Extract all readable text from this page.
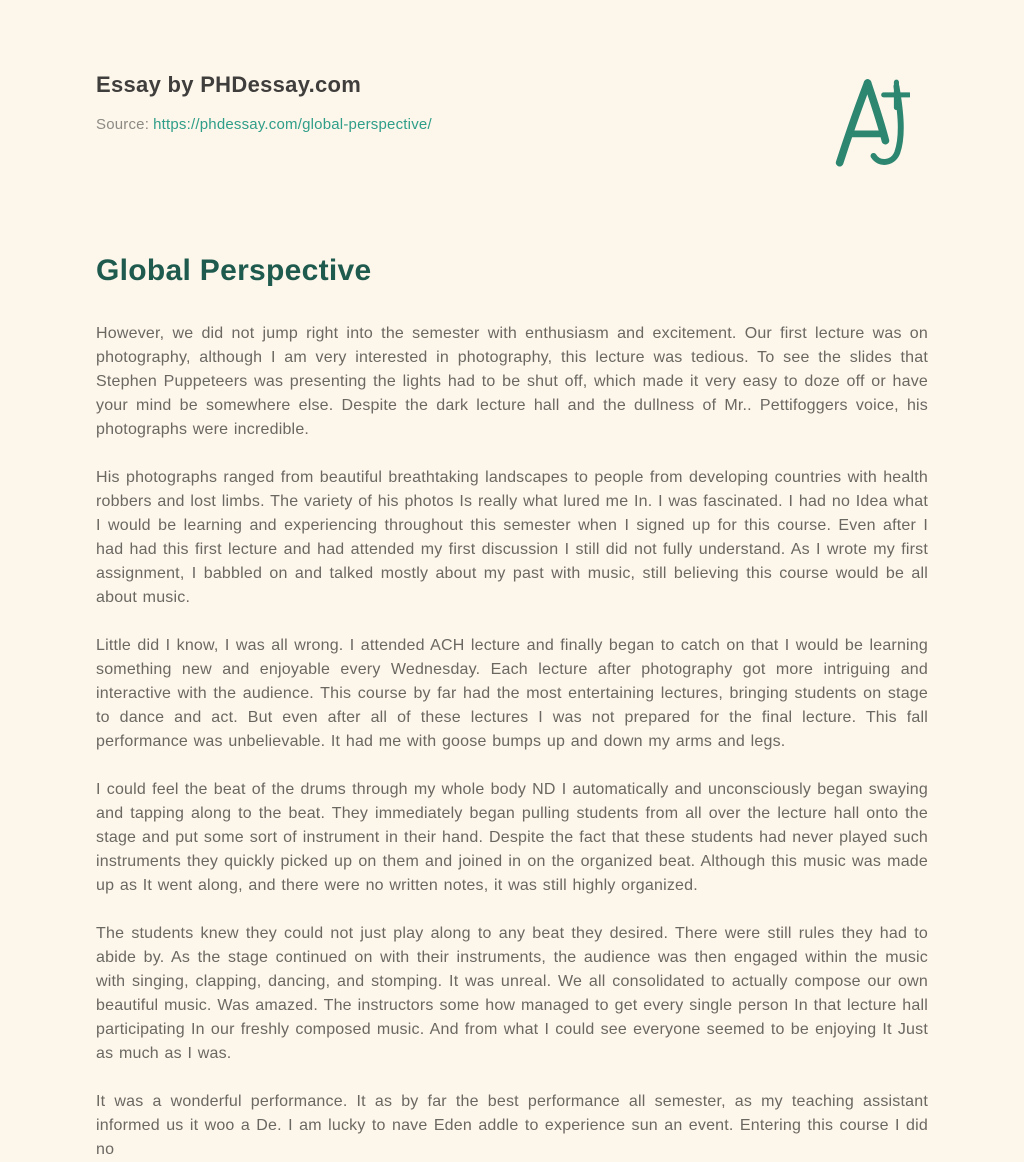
Essay by PHDessay.com
Source: https://phdessay.com/global-perspective/
Global Perspective

However, we did not jump right into the semester with enthusiasm and excitement. Our first lecture was on photography, although I am very interested in photography, this lecture was tedious. To see the slides that Stephen Puppeteers was presenting the lights had to be shut off, which made it very easy to doze off or have your mind be somewhere else. Despite the dark lecture hall and the dullness of Mr.. Pettifoggers voice, his photographs were incredible.

His photographs ranged from beautiful breathtaking landscapes to people from developing countries with health robbers and lost limbs. The variety of his photos Is really what lured me In. I was fascinated. I had no Idea what I would be learning and experiencing throughout this semester when I signed up for this course. Even after I had had this first lecture and had attended my first discussion I still did not fully understand. As I wrote my first assignment, I babbled on and talked mostly about my past with music, still believing this course would be all about music.

Little did I know, I was all wrong. I attended ACH lecture and finally began to catch on that I would be learning something new and enjoyable every Wednesday. Each lecture after photography got more intriguing and interactive with the audience. This course by far had the most entertaining lectures, bringing students on stage to dance and act. But even after all of these lectures I was not prepared for the final lecture. This fall performance was unbelievable. It had me with goose bumps up and down my arms and legs.

I could feel the beat of the drums through my whole body ND I automatically and unconsciously began swaying and tapping along to the beat. They immediately began pulling students from all over the lecture hall onto the stage and put some sort of instrument in their hand. Despite the fact that these students had never played such instruments they quickly picked up on them and joined in on the organized beat. Although this music was made up as It went along, and there were no written notes, it was still highly organized.

The students knew they could not just play along to any beat they desired. There were still rules they had to abide by. As the stage continued on with their instruments, the audience was then engaged within the music with singing, clapping, dancing, and stomping. It was unreal. We all consolidated to actually compose our own beautiful music. Was amazed. The instructors some how managed to get every single person In that lecture hall participating In our freshly composed music. And from what I could see everyone seemed to be enjoying It Just as much as I was.

It was a wonderful performance. It as by far the best performance all semester, as my teaching assistant informed us it woo a De. I am lucky to nave Eden addle to experience sun an event. Entering this course I did no
